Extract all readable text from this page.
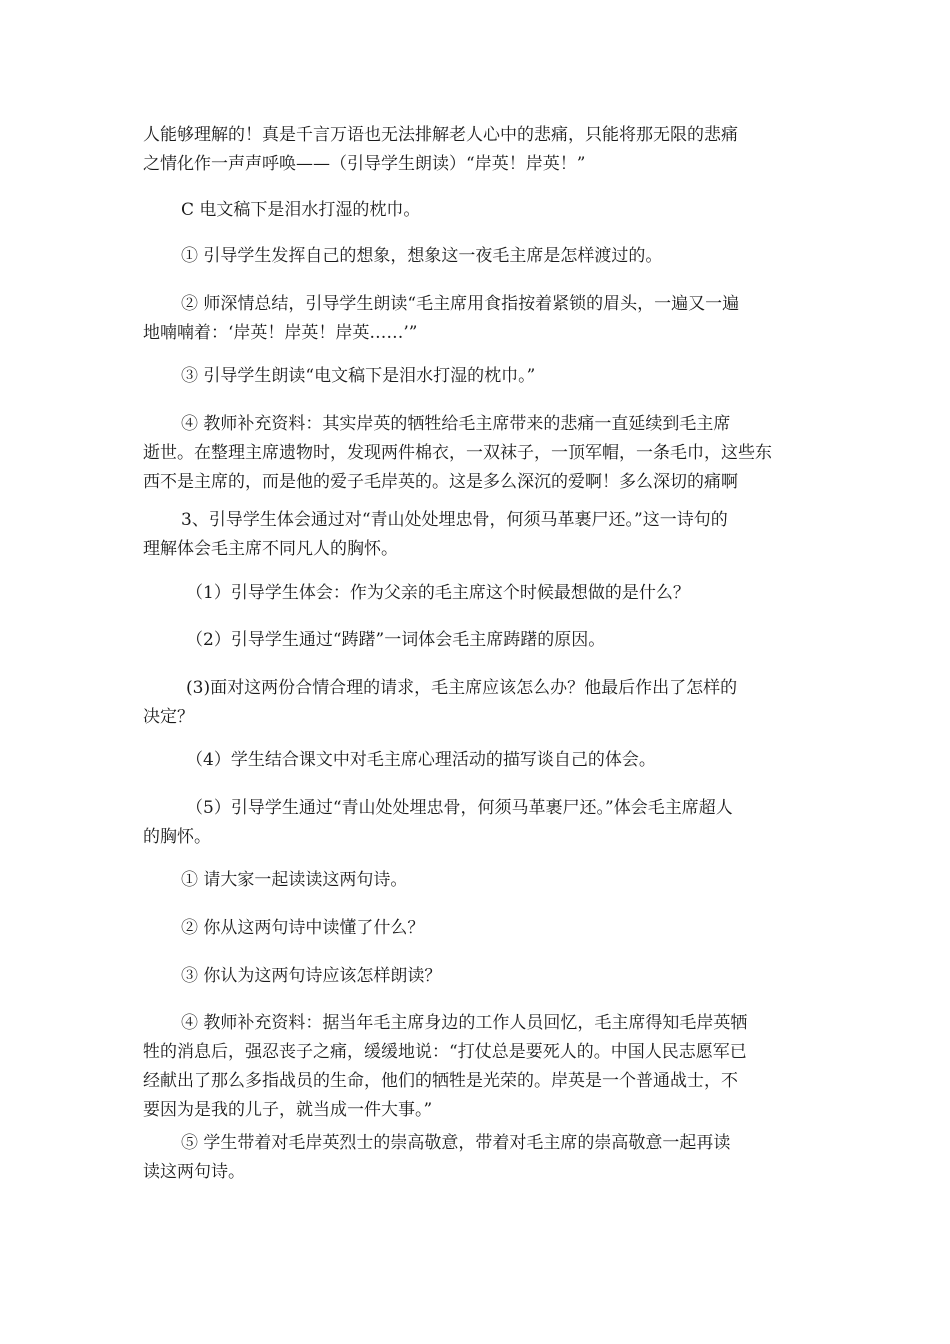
人能够理解的！真是千言万语也无法排解老人心中的悲痛，只能将那无限的悲痛
之情化作一声声呼唤——（引导学生朗读）“岸英！岸英！”

C 电文稿下是泪水打湿的枕巾。

① 引导学生发挥自己的想象，想象这一夜毛主席是怎样渡过的。

② 师深情总结，引导学生朗读“毛主席用食指按着紧锁的眉头，一遍又一遍
地喃喃着：‘岸英！岸英！岸英……’”

③ 引导学生朗读“电文稿下是泪水打湿的枕巾。”

④ 教师补充资料：其实岸英的牺牲给毛主席带来的悲痛一直延续到毛主席
逝世。在整理主席遗物时，发现两件棉衣，一双袜子，一顶军帽，一条毛巾，这些东
西不是主席的，而是他的爱子毛岸英的。这是多么深沉的爱啊！多么深切的痛啊

3、引导学生体会通过对“青山处处埋忠骨，何须马革裹尸还。”这一诗句的
理解体会毛主席不同凡人的胸怀。

（1）引导学生体会：作为父亲的毛主席这个时候最想做的是什么？

（2）引导学生通过“踌躇”一词体会毛主席踌躇的原因。

(3)面对这两份合情合理的请求，毛主席应该怎么办？他最后作出了怎样的
决定？

（4）学生结合课文中对毛主席心理活动的描写谈自己的体会。

（5）引导学生通过“青山处处埋忠骨，何须马革裹尸还。”体会毛主席超人
的胸怀。

① 请大家一起读读这两句诗。

② 你从这两句诗中读懂了什么？

③ 你认为这两句诗应该怎样朗读？

④ 教师补充资料：据当年毛主席身边的工作人员回忆，毛主席得知毛岸英牺
牲的消息后，强忍丧子之痛，缓缓地说：“打仗总是要死人的。中国人民志愿军已
经献出了那么多指战员的生命，他们的牺牲是光荣的。岸英是一个普通战士，不
要因为是我的儿子，就当成一件大事。”

⑤ 学生带着对毛岸英烈士的崇高敬意，带着对毛主席的崇高敬意一起再读
读这两句诗。
